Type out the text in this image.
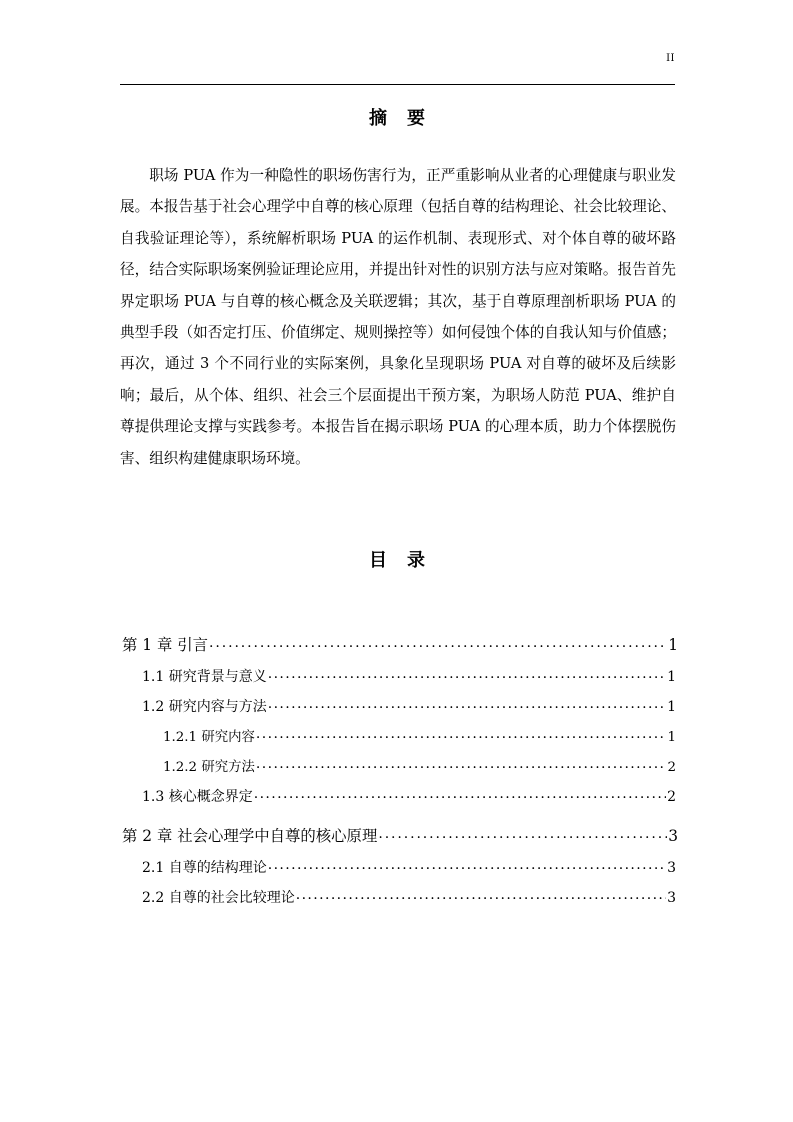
II
摘　要
职场 PUA 作为一种隐性的职场伤害行为，正严重影响从业者的心理健康与职业发展。本报告基于社会心理学中自尊的核心原理（包括自尊的结构理论、社会比较理论、自我验证理论等），系统解析职场 PUA 的运作机制、表现形式、对个体自尊的破坏路径，结合实际职场案例验证理论应用，并提出针对性的识别方法与应对策略。报告首先界定职场 PUA 与自尊的核心概念及关联逻辑；其次，基于自尊原理剖析职场 PUA 的典型手段（如否定打压、价值绑定、规则操控等）如何侵蚀个体的自我认知与价值感；再次，通过 3 个不同行业的实际案例，具象化呈现职场 PUA 对自尊的破坏及后续影响；最后，从个体、组织、社会三个层面提出干预方案，为职场人防范 PUA、维护自尊提供理论支撑与实践参考。本报告旨在揭示职场 PUA 的心理本质，助力个体摆脱伤害、组织构建健康职场环境。
目　录
第 1 章 引言 .....	1
1.1 研究背景与意义 .....	1
1.2 研究内容与方法 .....	1
1.2.1 研究内容 .....	1
1.2.2 研究方法 .....	2
1.3 核心概念界定 .....	2
第 2 章 社会心理学中自尊的核心原理 .....	3
2.1 自尊的结构理论 .....	3
2.2 自尊的社会比较理论 .....	3
